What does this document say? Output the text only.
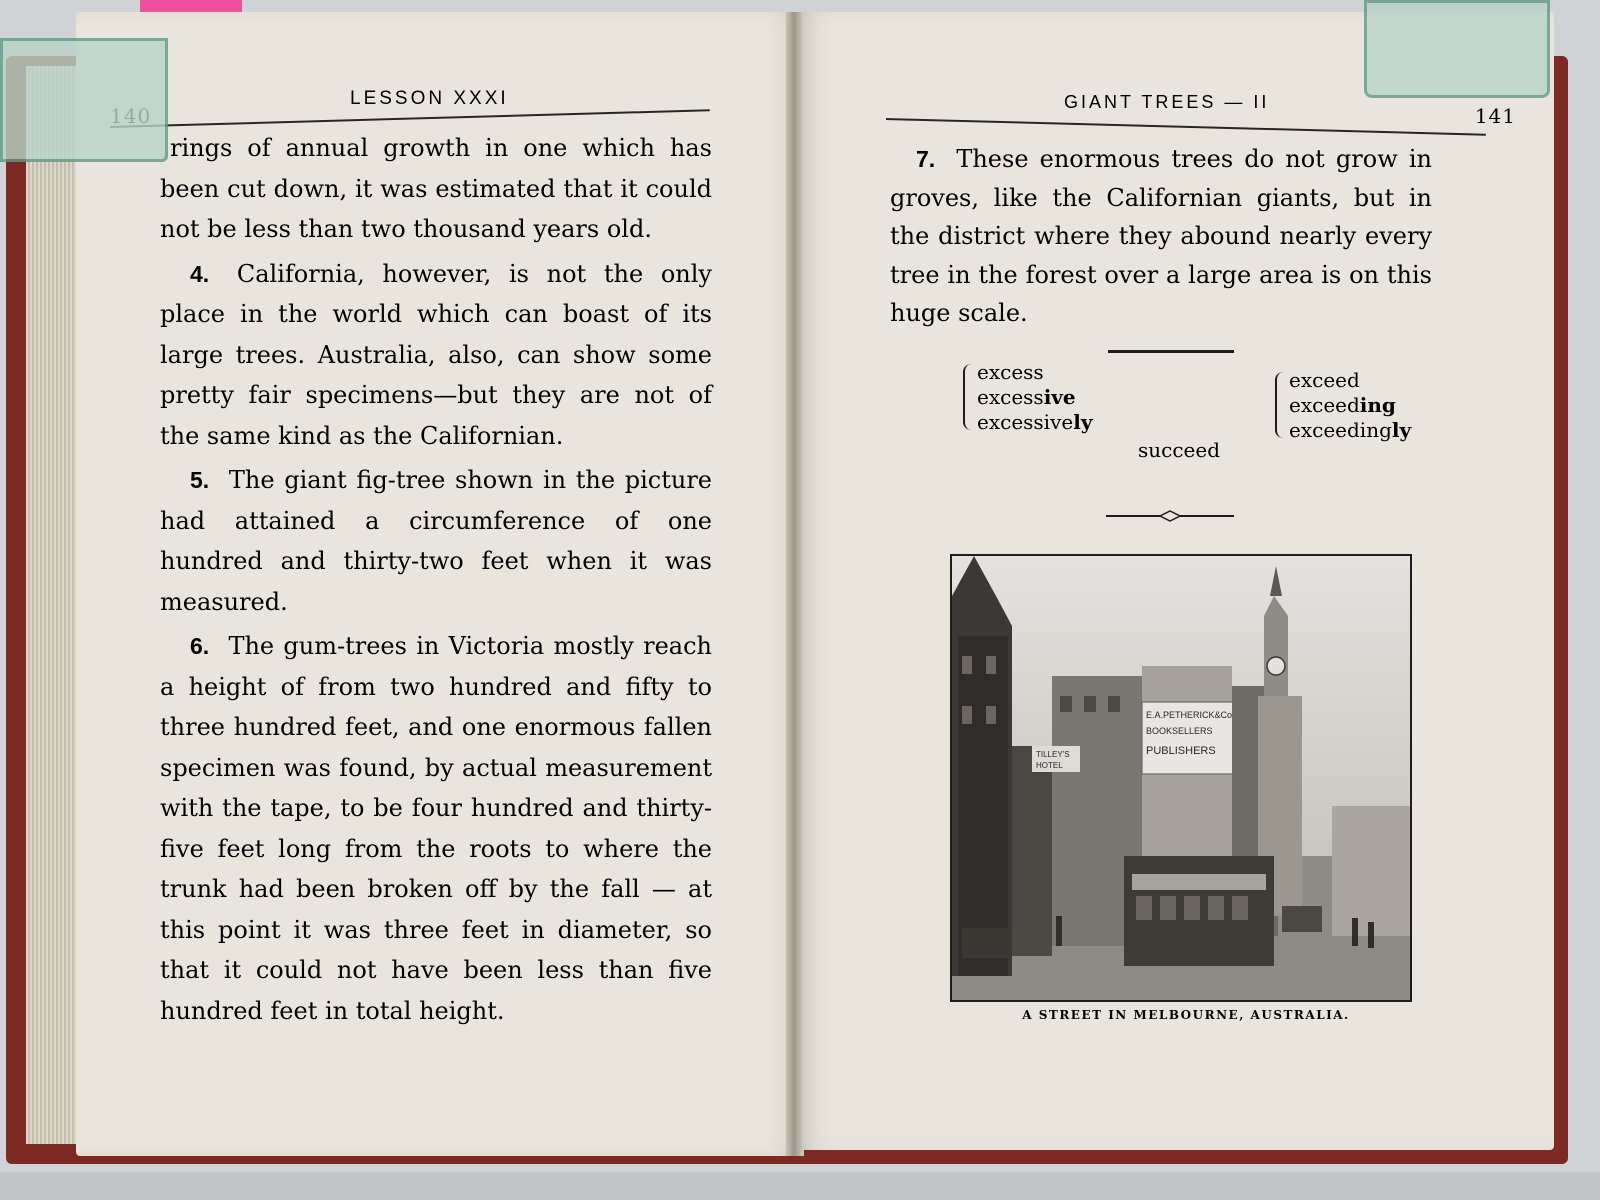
LESSON XXXI

rings of annual growth in one which has been cut down, it was estimated that it could not be less than two thousand years old.

4. California, however, is not the only place in the world which can boast of its large trees. Australia, also, can show some pretty fair specimens—but they are not of the same kind as the Californian.

5. The giant fig-tree shown in the picture had attained a circumference of one hundred and thirty-two feet when it was measured.

6. The gum-trees in Victoria mostly reach a height of from two hundred and fifty to three hundred feet, and one enormous fallen specimen was found, by actual measurement with the tape, to be four hundred and thirty-five feet long from the roots to where the trunk had been broken off by the fall — at this point it was three feet in diameter, so that it could not have been less than five hundred feet in total height.

GIANT TREES — II
141

7. These enormous trees do not grow in groves, like the Californian giants, but in the district where they abound nearly every tree in the forest over a large area is on this huge scale.

excess
excessive
excessively
exceed
exceeding
exceedingly
succeed
E.A.PETHERICK&Co
BOOKSELLERS
PUBLISHERS
TILLEY'S
HOTEL
A STREET IN MELBOURNE, AUSTRALIA.
